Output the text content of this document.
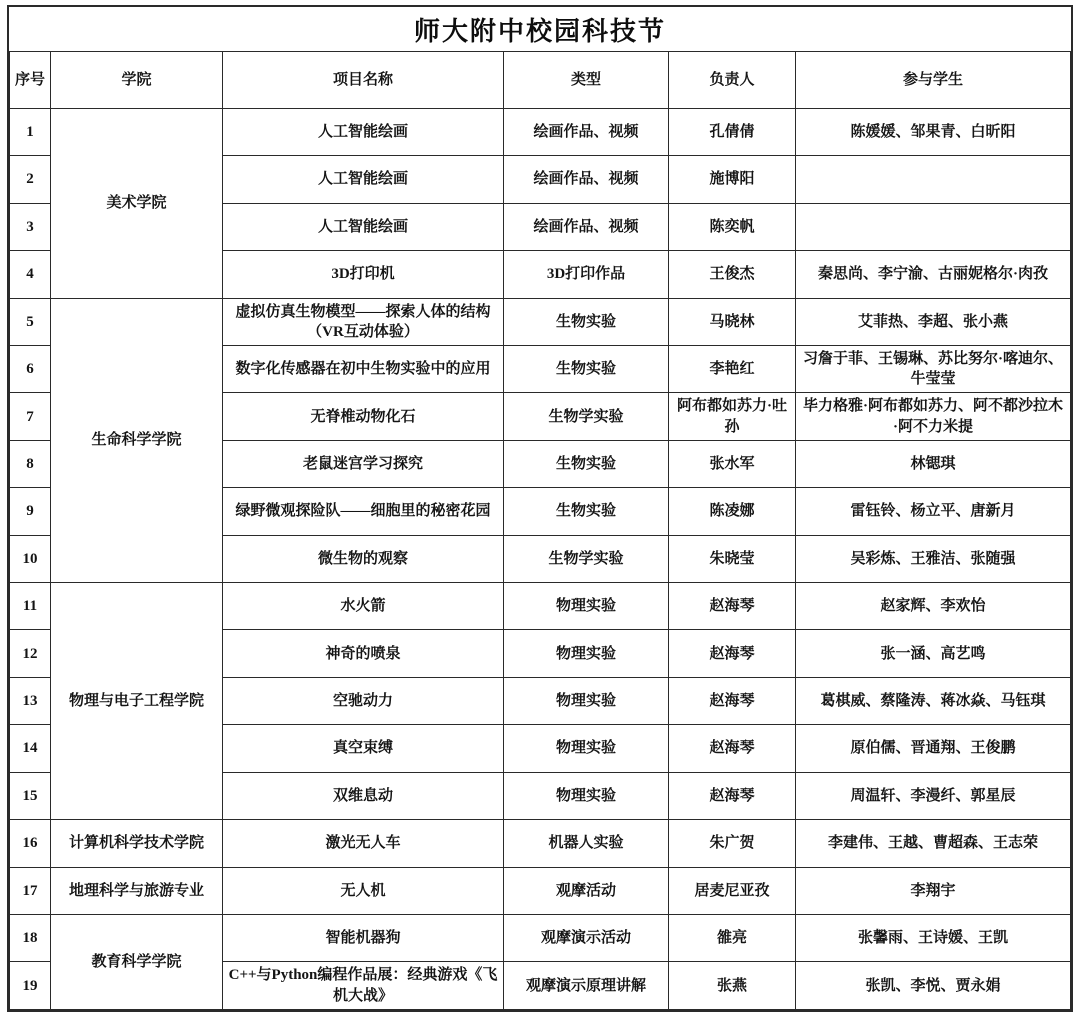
师大附中校园科技节
序号	学院	项目名称	类型	负责人	参与学生
1	美术学院	人工智能绘画	绘画作品、视频	孔倩倩	陈媛媛、邹果青、白昕阳
2		人工智能绘画	绘画作品、视频	施博阳	
3		人工智能绘画	绘画作品、视频	陈奕帆	
4		3D打印机	3D打印作品	王俊杰	秦思尚、李宁渝、古丽妮格尔·肉孜
5	生命科学学院	虚拟仿真生物模型——探索人体的结构（VR互动体验）	生物实验	马晓林	艾菲热、李超、张小燕
6		数字化传感器在初中生物实验中的应用	生物实验	李艳红	习詹于菲、王锡琳、苏比努尔·喀迪尔、牛莹莹
7		无脊椎动物化石	生物学实验	阿布都如苏力·吐孙	毕力格雅·阿布都如苏力、阿不都沙拉木·阿不力米提
8		老鼠迷宫学习探究	生物实验	张水军	林锶琪
9		绿野微观探险队——细胞里的秘密花园	生物实验	陈凌娜	雷钰铃、杨立平、唐新月
10		微生物的观察	生物学实验	朱晓莹	吴彩炼、王雅洁、张随强
11	物理与电子工程学院	水火箭	物理实验	赵海琴	赵家辉、李欢怡
12		神奇的喷泉	物理实验	赵海琴	张一涵、高艺鸣
13		空驰动力	物理实验	赵海琴	葛棋威、蔡隆涛、蒋冰焱、马钰琪
14		真空束缚	物理实验	赵海琴	原伯儒、晋通翔、王俊鹏
15		双维息动	物理实验	赵海琴	周温轩、李漫纤、郭星辰
16	计算机科学技术学院	激光无人车	机器人实验	朱广贺	李建伟、王越、曹超森、王志荣
17	地理科学与旅游专业	无人机	观摩活动	居麦尼亚孜	李翔宇
18	教育科学学院	智能机器狗	观摩演示活动	雒亮	张馨雨、王诗媛、王凯
19		C++与Python编程作品展：经典游戏《飞机大战》	观摩演示原理讲解	张燕	张凯、李悦、贾永娟
